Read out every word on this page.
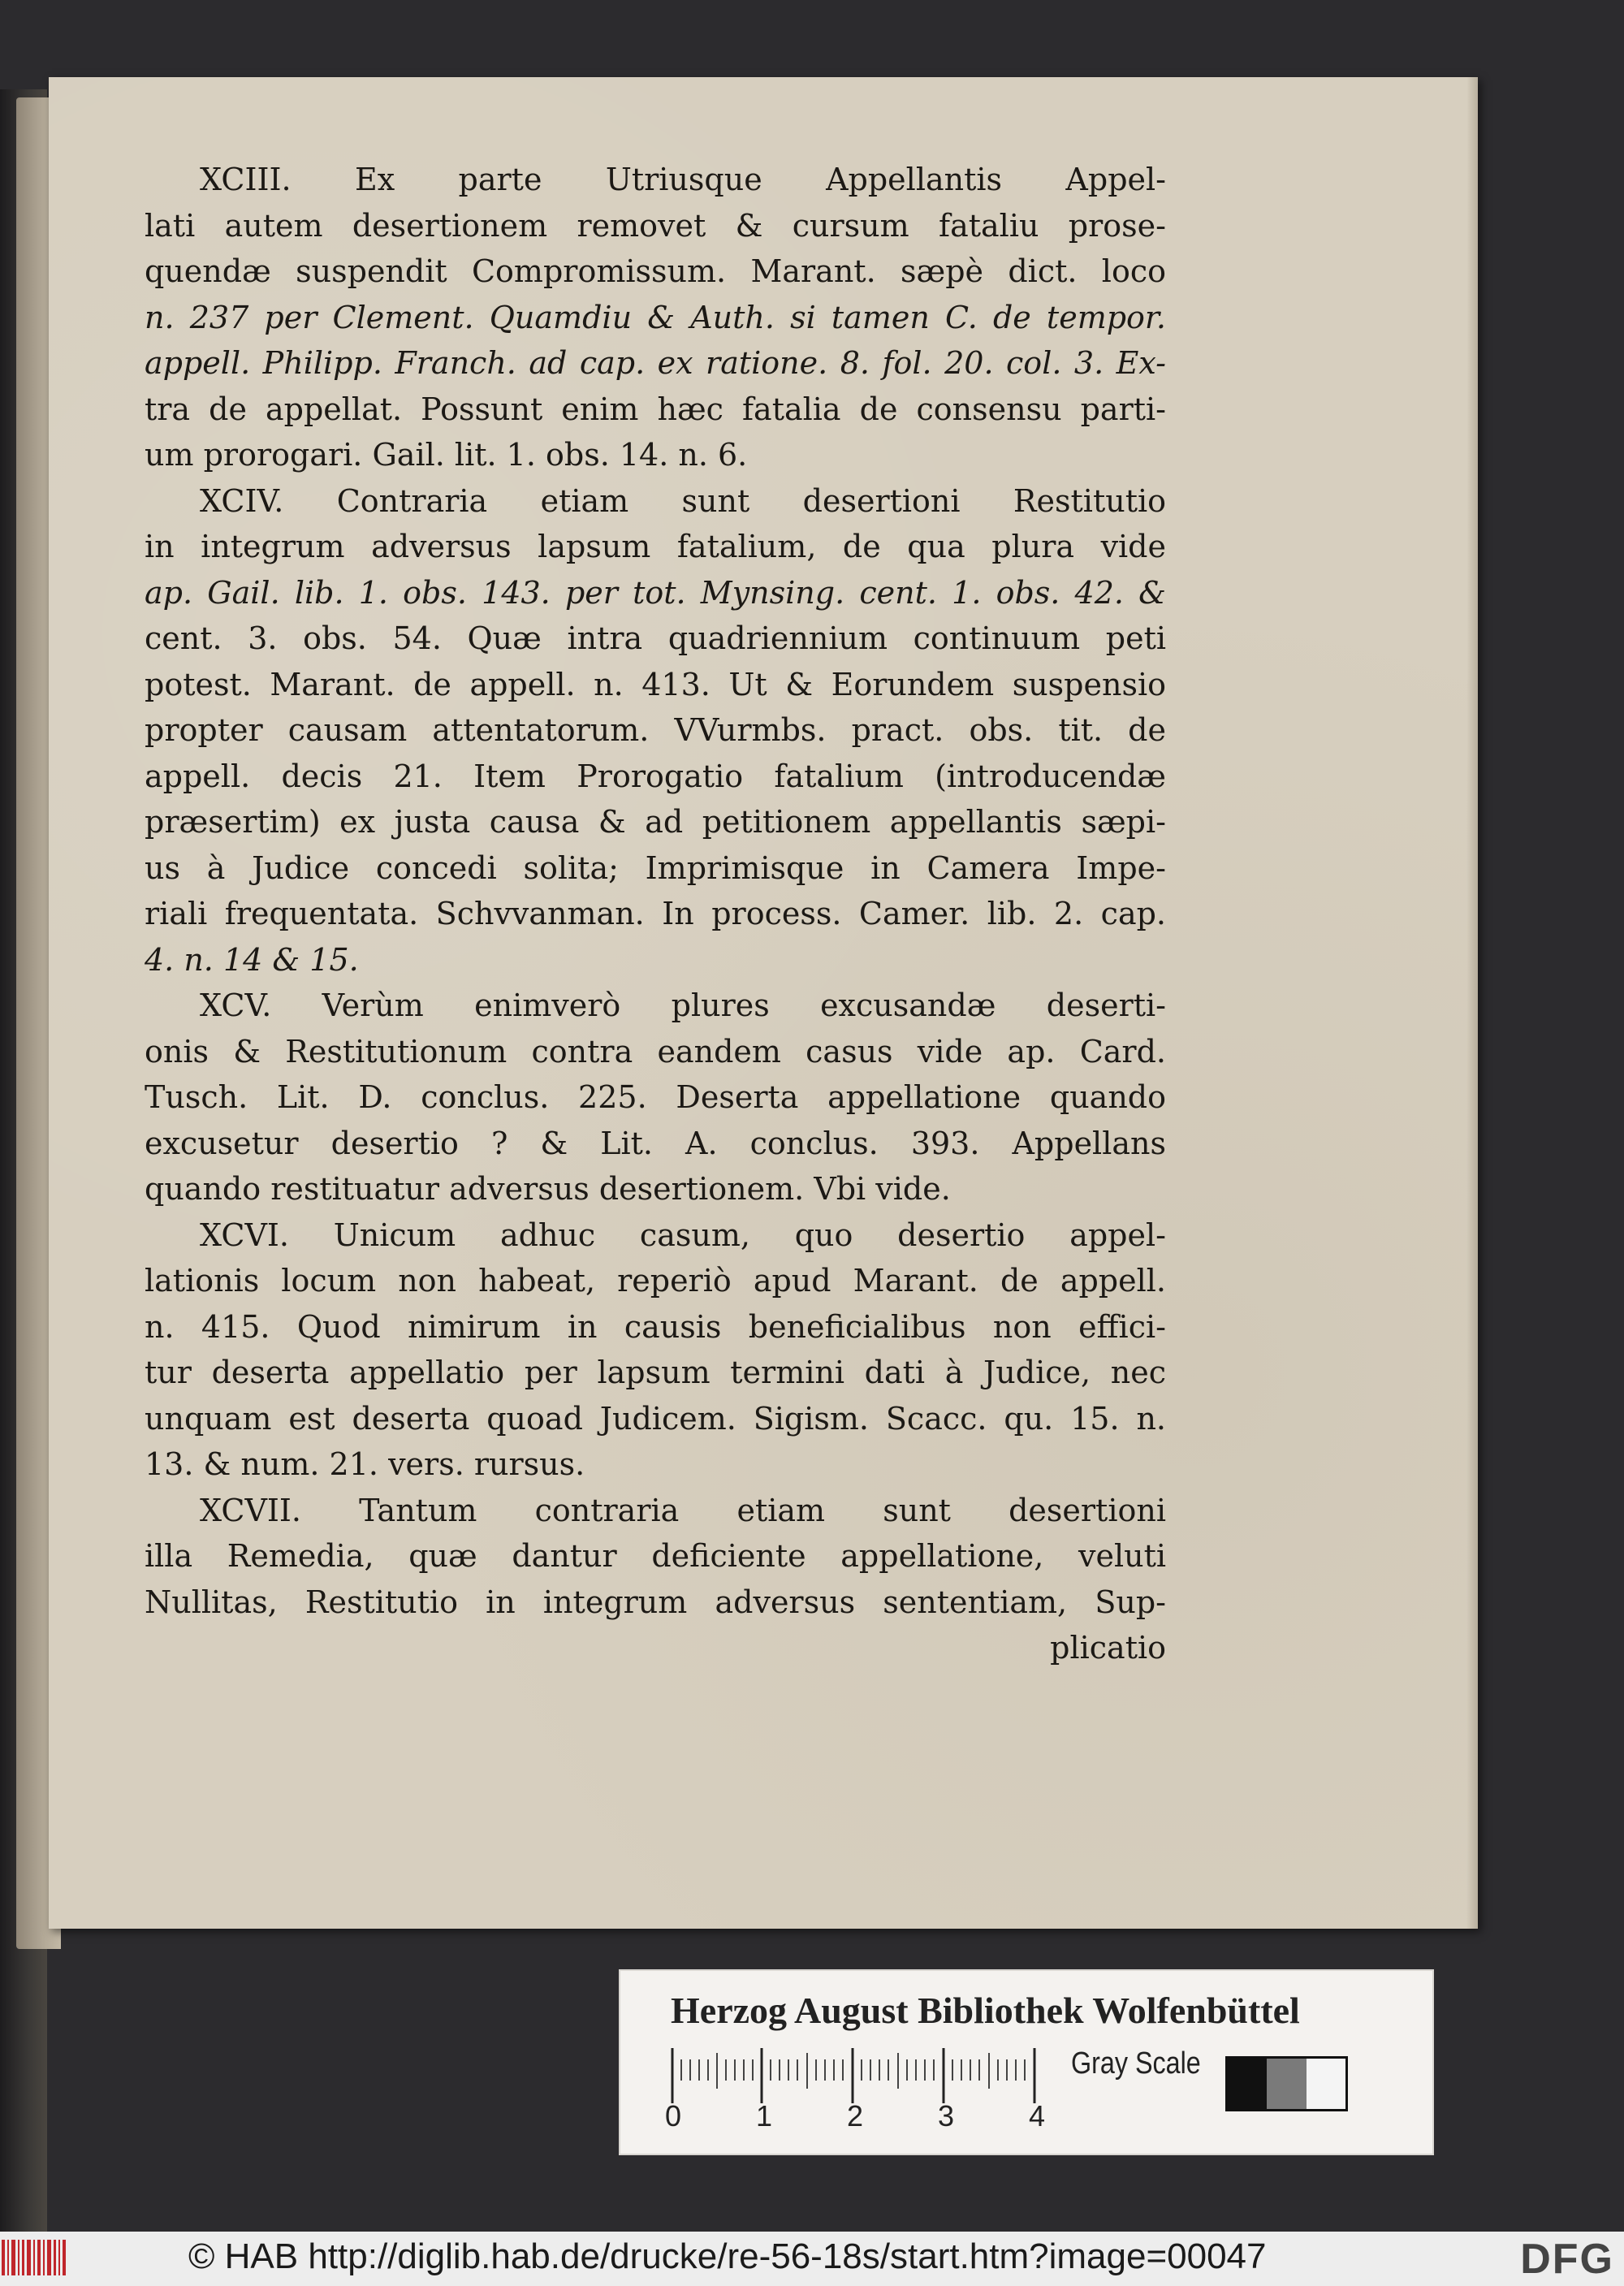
XCIII. Ex parte Utriusque Appellantis Appel-
lati autem desertionem removet & cursum fataliu prose-
quendæ suspendit Compromissum. Marant. sæpè dict. loco
n. 237 per Clement. Quamdiu & Auth. si tamen C. de tempor.
appell. Philipp. Franch. ad cap. ex ratione. 8. fol. 20. col. 3. Ex-
tra de appellat. Possunt enim hæc fatalia de consensu parti-
um prorogari. Gail. lit. 1. obs. 14. n. 6.
XCIV. Contraria etiam sunt desertioni Restitutio
in integrum adversus lapsum fatalium, de qua plura vide
ap. Gail. lib. 1. obs. 143. per tot. Mynsing. cent. 1. obs. 42. &
cent. 3. obs. 54. Quæ intra quadriennium continuum peti
potest. Marant. de appell. n. 413. Ut & Eorundem suspensio
propter causam attentatorum. VVurmbs. pract. obs. tit. de
appell. decis 21. Item Prorogatio fatalium (introducendæ
præsertim) ex justa causa & ad petitionem appellantis sæpi-
us à Judice concedi solita; Imprimisque in Camera Impe-
riali frequentata. Schvvanman. In process. Camer. lib. 2. cap.
4. n. 14 & 15.
XCV. Verùm enimverò plures excusandæ deserti-
onis & Restitutionum contra eandem casus vide ap. Card.
Tusch. Lit. D. conclus. 225. Deserta appellatione quando
excusetur desertio ? & Lit. A. conclus. 393. Appellans
quando restituatur adversus desertionem. Vbi vide.
XCVI. Unicum adhuc casum, quo desertio appel-
lationis locum non habeat, reperiò apud Marant. de appell.
n. 415. Quod nimirum in causis beneficialibus non effici-
tur deserta appellatio per lapsum termini dati à Judice, nec
unquam est deserta quoad Judicem. Sigism. Scacc. qu. 15. n.
13. & num. 21. vers. rursus.
XCVII. Tantum contraria etiam sunt desertioni
illa Remedia, quæ dantur deficiente appellatione, veluti
Nullitas, Restitutio in integrum adversus sententiam, Sup-
plicatio
Herzog August Bibliothek Wolfenbüttel
Gray Scale
0	1	2	3	4
© HAB http://diglib.hab.de/drucke/re-56-18s/start.htm?image=00047	DFG
